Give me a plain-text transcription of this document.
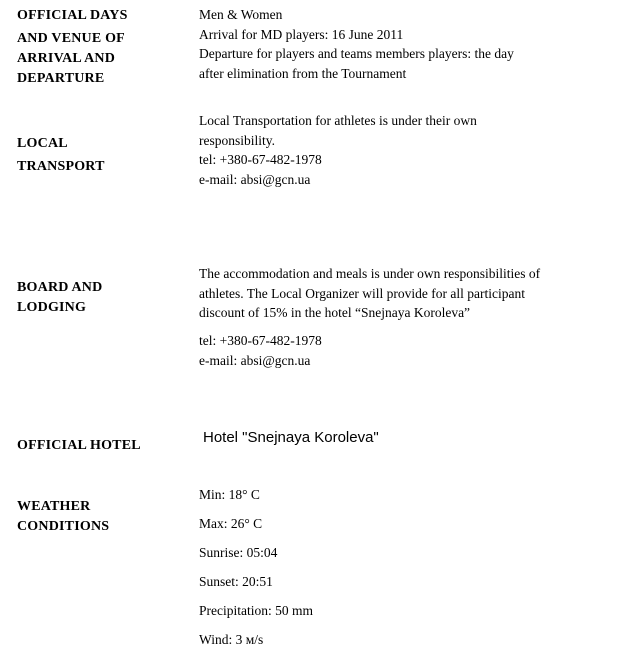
OFFICIAL DAYS
AND VENUE OF
ARRIVAL AND
DEPARTURE
Men & Women
Arrival for MD players: 16 June 2011
Departure for players and teams members players: the day
after elimination from the Tournament
LOCAL
TRANSPORT
Local Transportation for athletes is under their own
responsibility.
tel: +380-67-482-1978
e-mail: absi@gcn.ua
BOARD AND
LODGING
The accommodation and meals is under own responsibilities of
athletes. The Local Organizer will provide for all participant
discount of 15% in the hotel “Snejnaya Koroleva”
tel: +380-67-482-1978
e-mail: absi@gcn.ua
OFFICIAL HOTEL	Hotel "Snejnaya Koroleva"
WEATHER
CONDITIONS
Min: 18° C
Max: 26° C
Sunrise: 05:04
Sunset: 20:51
Precipitation: 50 mm
Wind: 3 м/s
